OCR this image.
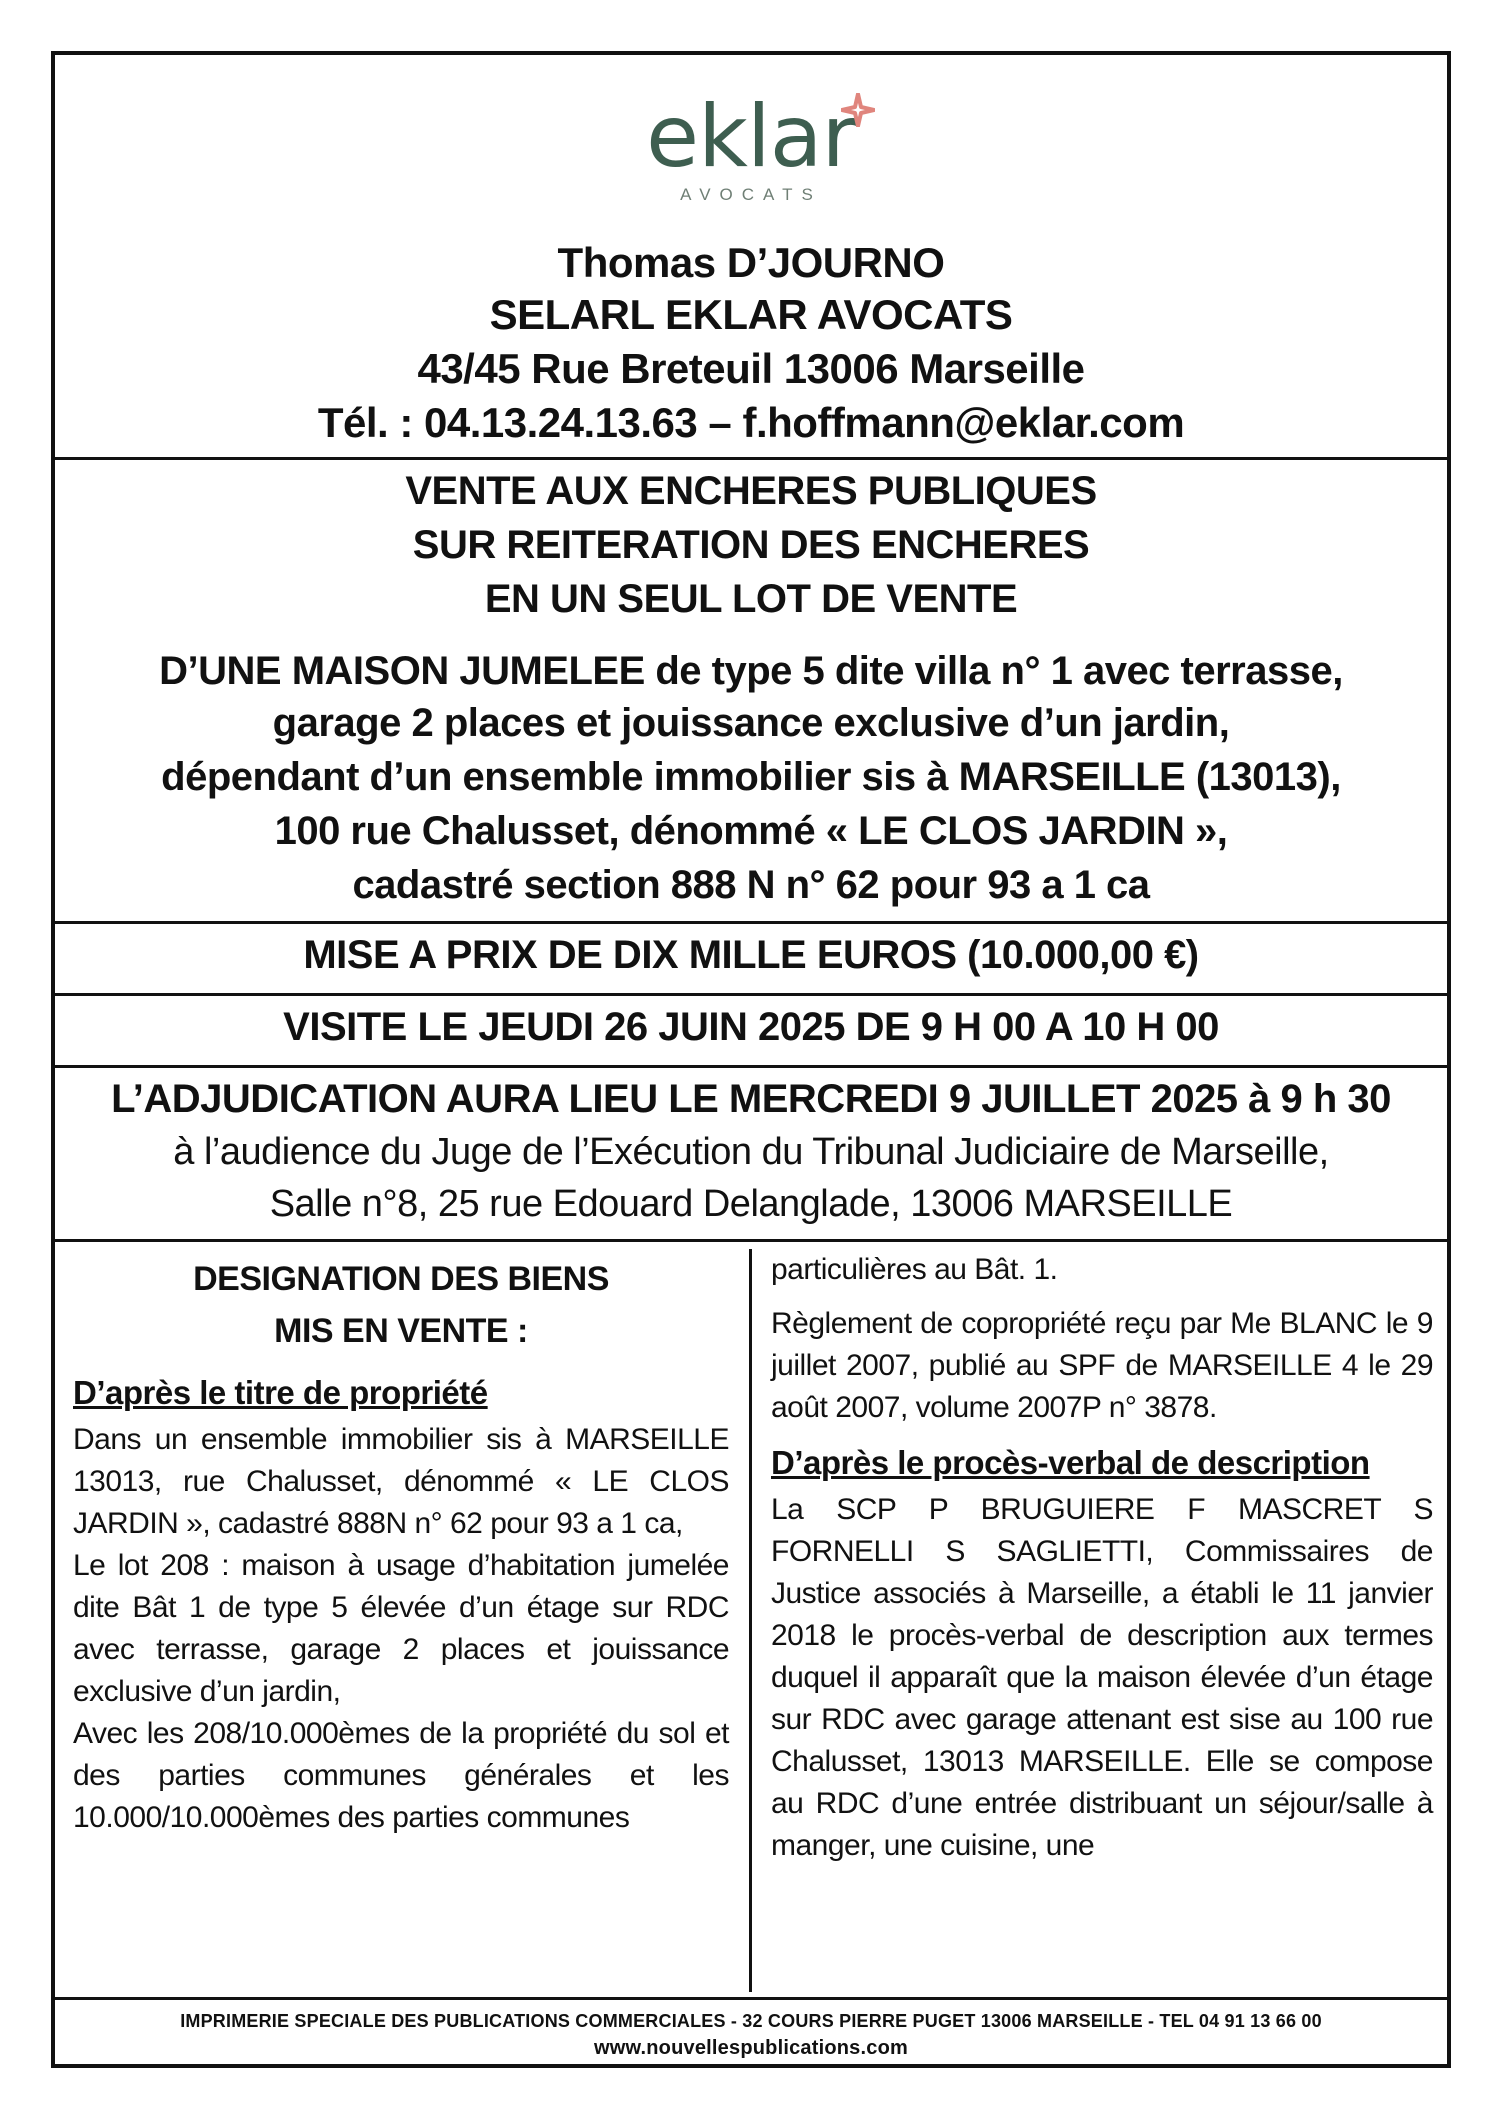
eklar
AVOCATS
Thomas D’JOURNO
SELARL EKLAR AVOCATS
43/45 Rue Breteuil 13006 Marseille
Tél. : 04.13.24.13.63 – f.hoffmann@eklar.com
VENTE AUX ENCHERES PUBLIQUES
SUR REITERATION DES ENCHERES
EN UN SEUL LOT DE VENTE
D’UNE MAISON JUMELEE de type 5 dite villa n° 1 avec terrasse,
garage 2 places et jouissance exclusive d’un jardin,
dépendant d’un ensemble immobilier sis à MARSEILLE (13013),
100 rue Chalusset, dénommé « LE CLOS JARDIN »,
cadastré section 888 N n° 62 pour 93 a 1 ca
MISE A PRIX DE DIX MILLE EUROS (10.000,00 €)
VISITE LE JEUDI 26 JUIN 2025 DE 9 H 00 A 10 H 00
L’ADJUDICATION AURA LIEU LE MERCREDI 9 JUILLET 2025 à 9 h 30
à l’audience du Juge de l’Exécution du Tribunal Judiciaire de Marseille,
Salle n°8, 25 rue Edouard Delanglade, 13006 MARSEILLE
DESIGNATION DES BIENS
MIS EN VENTE :
D’après le titre de propriété

Dans un ensemble immobilier sis à MARSEILLE 13013, rue Chalusset, dénommé « LE CLOS JARDIN », cadastré 888N n° 62 pour 93 a 1 ca,

Le lot 208 : maison à usage d’habitation jumelée dite Bât 1 de type 5 élevée d’un étage sur RDC avec terrasse, garage 2 places et jouissance exclusive d’un jardin,

Avec les 208/10.000èmes de la propriété du sol et des parties communes générales et les 10.000/10.000èmes des parties communes

particulières au Bât. 1.

Règlement de copropriété reçu par Me BLANC le 9 juillet 2007, publié au SPF de MARSEILLE 4 le 29 août 2007, volume 2007P n° 3878.

D’après le procès-verbal de description

La SCP P BRUGUIERE F MASCRET S FORNELLI S SAGLIETTI, Commissaires de Justice associés à Marseille, a établi le 11 janvier 2018 le procès-verbal de description aux termes duquel il apparaît que la maison élevée d’un étage sur RDC avec garage attenant est sise au 100 rue Chalusset, 13013 MARSEILLE. Elle se compose au RDC d’une entrée distribuant un séjour/salle à manger, une cuisine, une

IMPRIMERIE SPECIALE DES PUBLICATIONS COMMERCIALES - 32 COURS PIERRE PUGET 13006 MARSEILLE - TEL 04 91 13 66 00
www.nouvellespublications.com
